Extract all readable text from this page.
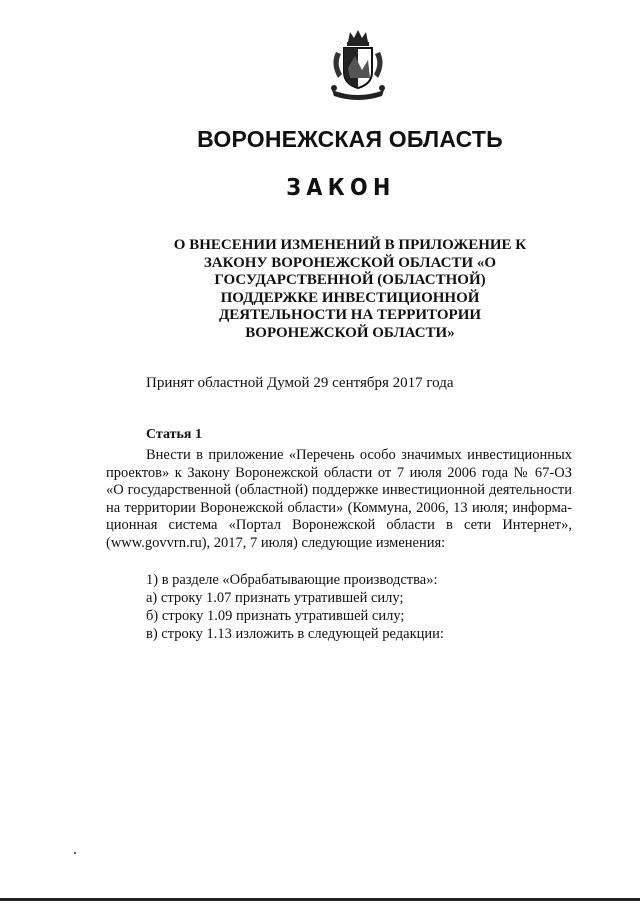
ВОРОНЕЖСКАЯ ОБЛАСТЬ
ЗАКОН
О ВНЕСЕНИИ ИЗМЕНЕНИЙ В ПРИЛОЖЕНИЕ К
ЗАКОНУ ВОРОНЕЖСКОЙ ОБЛАСТИ «О
ГОСУДАРСТВЕННОЙ (ОБЛАСТНОЙ)
ПОДДЕРЖКЕ ИНВЕСТИЦИОННОЙ
ДЕЯТЕЛЬНОСТИ НА ТЕРРИТОРИИ
ВОРОНЕЖСКОЙ ОБЛАСТИ»

Принят областной Думой 29 сентября 2017 года

Статья 1

Внести в приложение «Перечень особо значимых инвестиционных
проектов» к Закону Воронежской области от 7 июля 2006 года № 67-ОЗ
«О государственной (областной) поддержке инвестиционной деятельности
на территории Воронежской области» (Коммуна, 2006, 13 июля; информа-
ционная система «Портал Воронежской области в сети Интернет»,
(www.govvrn.ru), 2017, 7 июля) следующие изменения:

1) в разделе «Обрабатывающие производства»:
а) строку 1.07 признать утратившей силу;
б) строку 1.09 признать утратившей силу;
в) строку 1.13 изложить в следующей редакции:
